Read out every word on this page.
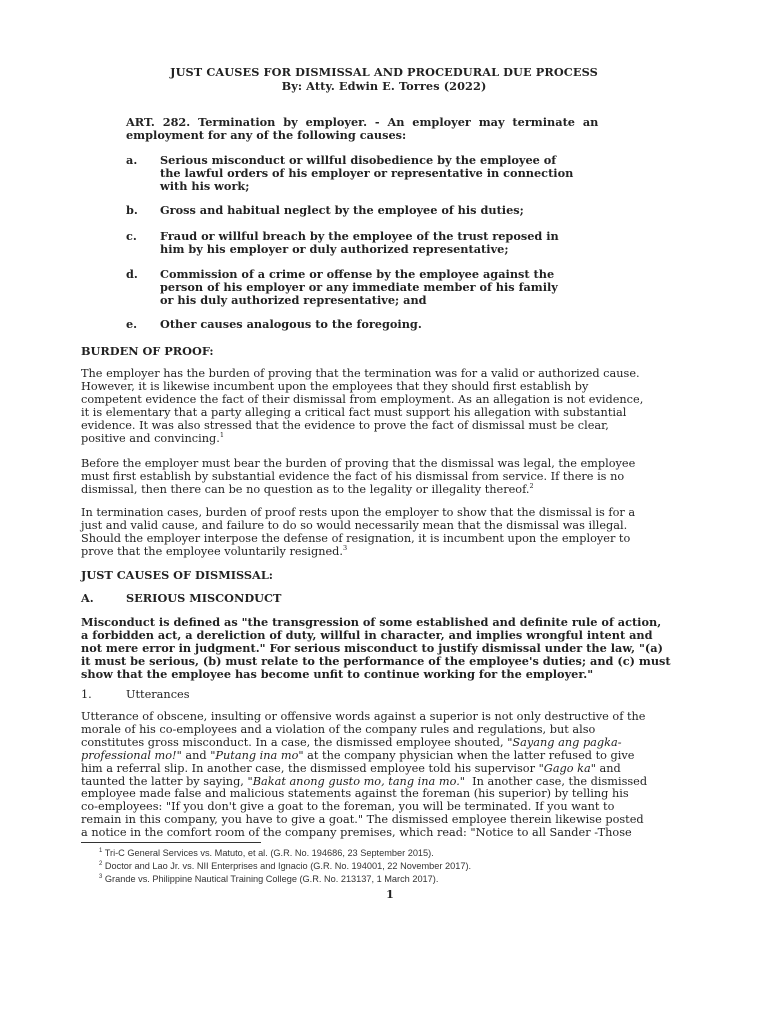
JUST CAUSES FOR DISMISSAL AND PROCEDURAL DUE PROCESS
By: Atty. Edwin E. Torres (2022)
ART.  282.  Termination  by  employer.  -  An  employer  may  terminate  an
employment for any of the following causes:
a. Serious misconduct or willful disobedience by the employee of
the lawful orders of his employer or representative in connection
with his work;
b. Gross and habitual neglect by the employee of his duties;
c. Fraud or willful breach by the employee of the trust reposed in
him by his employer or duly authorized representative;
d. Commission of a crime or offense by the employee against the
person of his employer or any immediate member of his family
or his duly authorized representative; and
e. Other causes analogous to the foregoing.
BURDEN OF PROOF:
The employer has the burden of proving that the termination was for a valid or authorized cause.
However, it is likewise incumbent upon the employees that they should first establish by
competent evidence the fact of their dismissal from employment. As an allegation is not evidence,
it is elementary that a party alleging a critical fact must support his allegation with substantial
evidence. It was also stressed that the evidence to prove the fact of dismissal must be clear,
positive and convincing.$^1$
Before the employer must bear the burden of proving that the dismissal was legal, the employee
must first establish by substantial evidence the fact of his dismissal from service. If there is no
dismissal, then there can be no question as to the legality or illegality thereof.$^2$
In termination cases, burden of proof rests upon the employer to show that the dismissal is for a
just and valid cause, and failure to do so would necessarily mean that the dismissal was illegal.
Should the employer interpose the defense of resignation, it is incumbent upon the employer to
prove that the employee voluntarily resigned.$^3$
JUST CAUSES OF DISMISSAL:
A.	SERIOUS MISCONDUCT
Misconduct is defined as "the transgression of some established and definite rule of action,
a forbidden act, a dereliction of duty, willful in character, and implies wrongful intent and
not mere error in judgment." For serious misconduct to justify dismissal under the law, "(a)
it must be serious, (b) must relate to the performance of the employee's duties; and (c) must
show that the employee has become unfit to continue working for the employer."
1.	Utterances
Utterance of obscene, insulting or offensive words against a superior is not only destructive of the
morale of his co-employees and a violation of the company rules and regulations, but also
constitutes gross misconduct. In a case, the dismissed employee shouted, "Sayang ang pagka-
professional mo!" and "Putang ina mo" at the company physician when the latter refused to give
him a referral slip. In another case, the dismissed employee told his supervisor "Gago ka" and
taunted the latter by saying, "Bakat anong gusto mo, tang ina mo."  In another case, the dismissed
employee made false and malicious statements against the foreman (his superior) by telling his
co-employees: "If you don't give a goat to the foreman, you will be terminated. If you want to
remain in this company, you have to give a goat." The dismissed employee therein likewise posted
a notice in the comfort room of the company premises, which read: "Notice to all Sander -Those
$^1$ Tri-C General Services vs. Matuto, et al. (G.R. No. 194686, 23 September 2015).
$^2$ Doctor and Lao Jr. vs. NII Enterprises and Ignacio (G.R. No. 194001, 22 November 2017).
$^3$ Grande vs. Philippine Nautical Training College (G.R. No. 213137, 1 March 2017).
1
